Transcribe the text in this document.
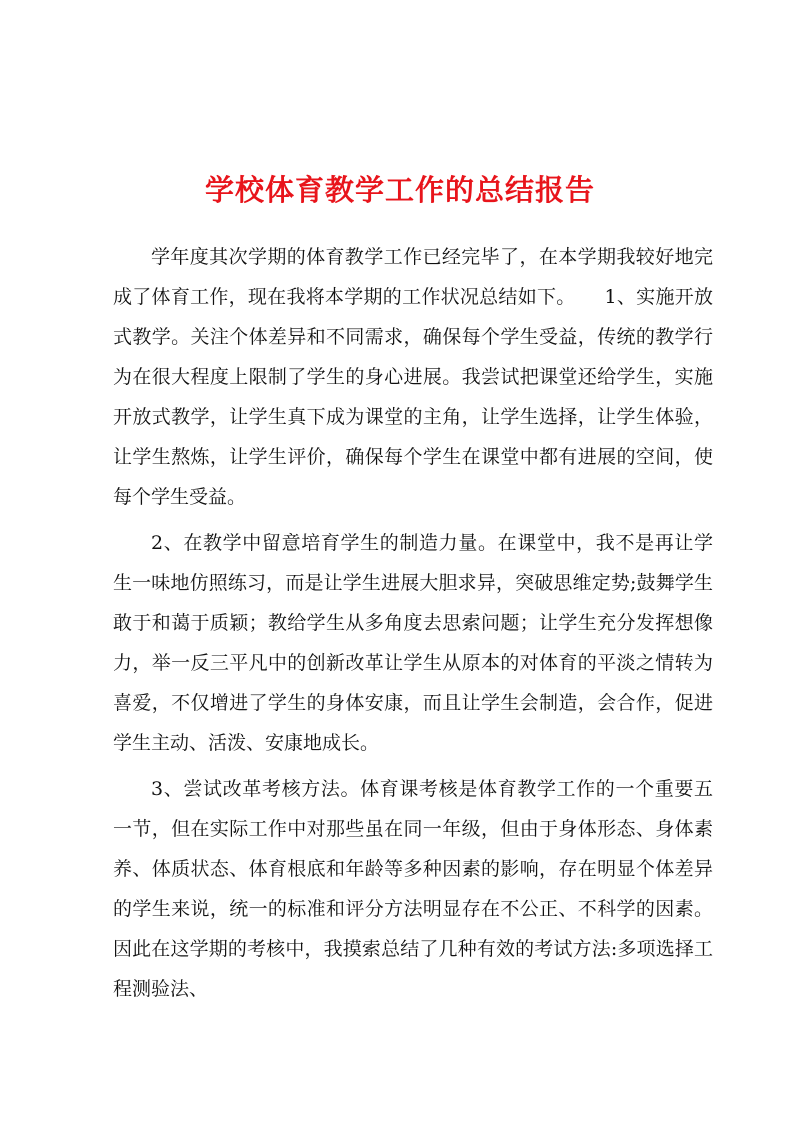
学校体育教学工作的总结报告

学年度其次学期的体育教学工作已经完毕了，在本学期我较好地完成了体育工作，现在我将本学期的工作状况总结如下。　　1、实施开放式教学。关注个体差异和不同需求，确保每个学生受益，传统的教学行为在很大程度上限制了学生的身心进展。我尝试把课堂还给学生，实施开放式教学，让学生真下成为课堂的主角，让学生选择，让学生体验，让学生熬炼，让学生评价，确保每个学生在课堂中都有进展的空间，使每个学生受益。

2、在教学中留意培育学生的制造力量。在课堂中，我不是再让学生一味地仿照练习，而是让学生进展大胆求异，突破思维定势;鼓舞学生敢于和蔼于质颖；教给学生从多角度去思索问题；让学生充分发挥想像力，举一反三平凡中的创新改革让学生从原本的对体育的平淡之情转为喜爱，不仅增进了学生的身体安康，而且让学生会制造，会合作，促进学生主动、活泼、安康地成长。

3、尝试改革考核方法。体育课考核是体育教学工作的一个重要五一节，但在实际工作中对那些虽在同一年级，但由于身体形态、身体素养、体质状态、体育根底和年龄等多种因素的影响，存在明显个体差异的学生来说，统一的标准和评分方法明显存在不公正、不科学的因素。因此在这学期的考核中，我摸索总结了几种有效的考试方法:多项选择工程测验法、
